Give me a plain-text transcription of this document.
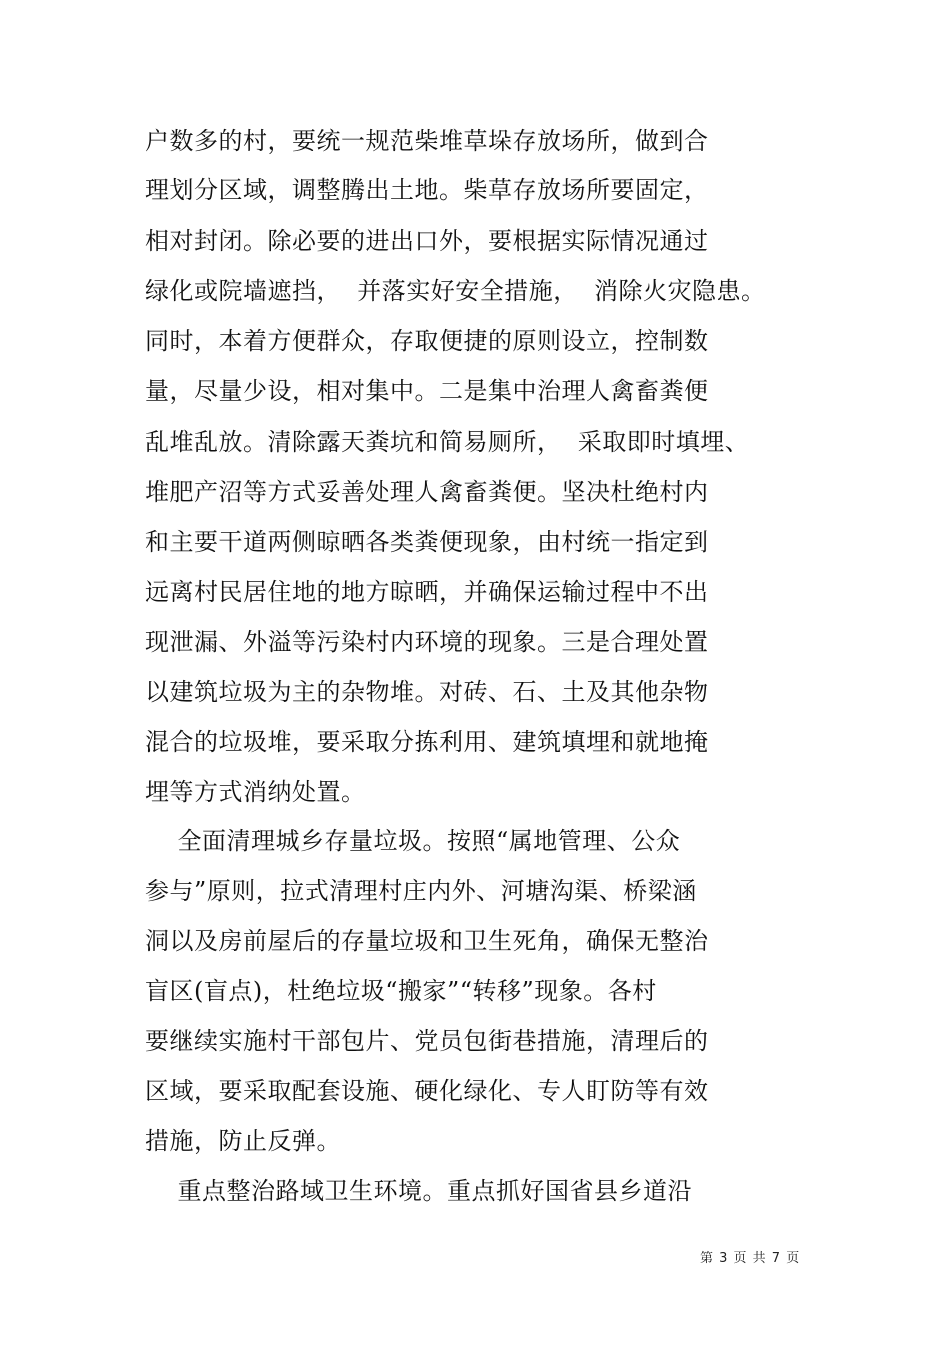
户数多的村，要统一规范柴堆草垛存放场所，做到合
理划分区域，调整腾出土地。柴草存放场所要固定，
相对封闭。除必要的进出口外，要根据实际情况通过
绿化或院墙遮挡，  并落实好安全措施，  消除火灾隐患。
同时，本着方便群众，存取便捷的原则设立，控制数
量，尽量少设，相对集中。二是集中治理人禽畜粪便
乱堆乱放。清除露天粪坑和简易厕所，  采取即时填埋、
堆肥产沼等方式妥善处理人禽畜粪便。坚决杜绝村内
和主要干道两侧晾晒各类粪便现象，由村统一指定到
远离村民居住地的地方晾晒，并确保运输过程中不出
现泄漏、外溢等污染村内环境的现象。三是合理处置
以建筑垃圾为主的杂物堆。对砖、石、土及其他杂物
混合的垃圾堆，要采取分拣利用、建筑填埋和就地掩
埋等方式消纳处置。
全面清理城乡存量垃圾。按照“属地管理、公众
参与”原则，拉式清理村庄内外、河塘沟渠、桥梁涵
洞以及房前屋后的存量垃圾和卫生死角，确保无整治
盲区(盲点)，杜绝垃圾“搬家”“转移”现象。各村
要继续实施村干部包片、党员包街巷措施，清理后的
区域，要采取配套设施、硬化绿化、专人盯防等有效
措施，防止反弹。
重点整治路域卫生环境。重点抓好国省县乡道沿
第 3 页 共 7 页
